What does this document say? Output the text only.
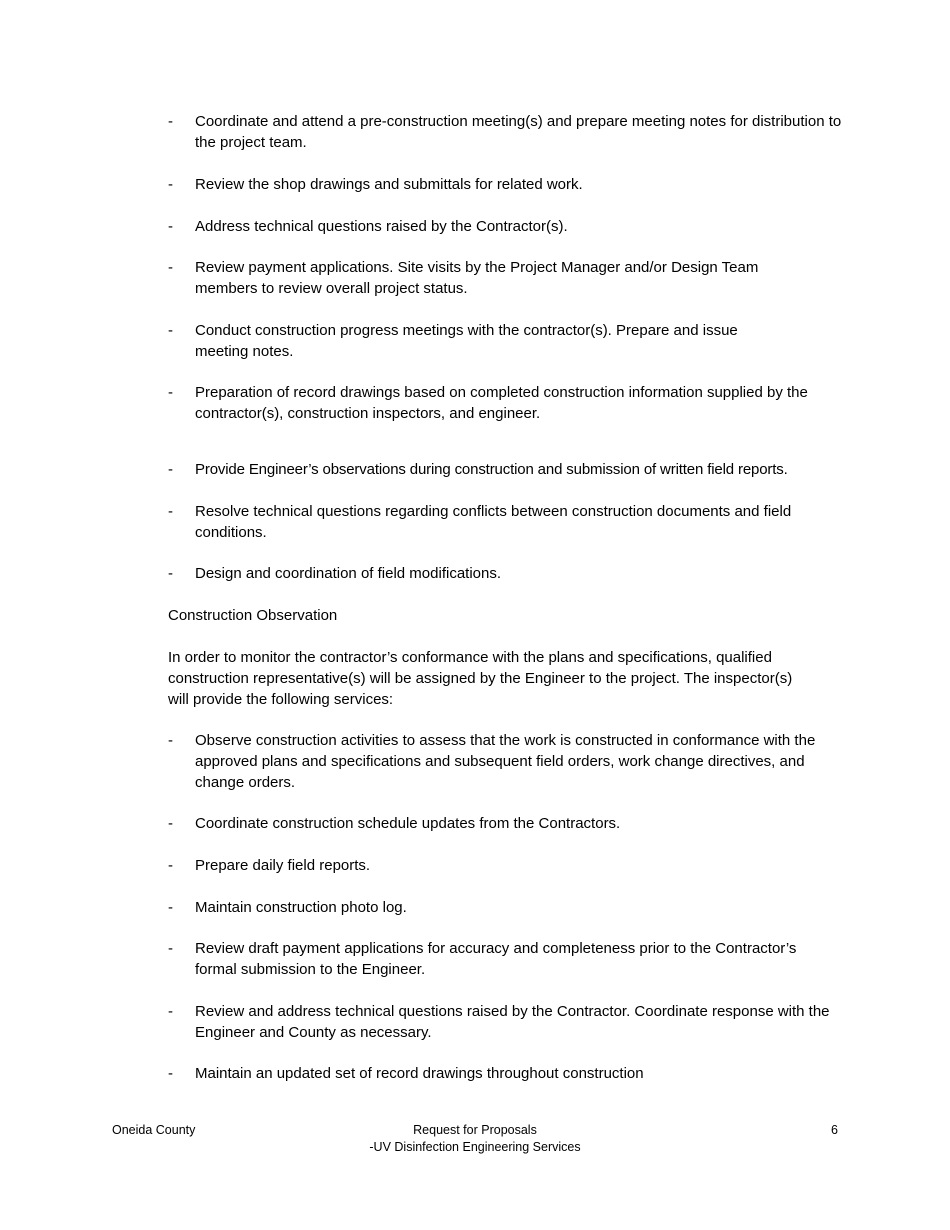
- Coordinate and attend a pre-construction meeting(s) and prepare meeting notes for distribution to the project team.
- Review the shop drawings and submittals for related work.
- Address technical questions raised by the Contractor(s).
- Review payment applications. Site visits by the Project Manager and/or Design Team members to review overall project status.
- Conduct construction progress meetings with the contractor(s). Prepare and issue meeting notes.
- Preparation of record drawings based on completed construction information supplied by the contractor(s), construction inspectors, and engineer.
- Provide Engineer’s observations during construction and submission of written field reports.
- Resolve technical questions regarding conflicts between construction documents and field conditions.
- Design and coordination of field modifications.
Construction Observation
In order to monitor the contractor’s conformance with the plans and specifications, qualified construction representative(s) will be assigned by the Engineer to the project. The inspector(s) will provide the following services:
- Observe construction activities to assess that the work is constructed in conformance with the approved plans and specifications and subsequent field orders, work change directives, and change orders.
- Coordinate construction schedule updates from the Contractors.
- Prepare daily field reports.
- Maintain construction photo log.
- Review draft payment applications for accuracy and completeness prior to the Contractor’s formal submission to the Engineer.
- Review and address technical questions raised by the Contractor. Coordinate response with the Engineer and County as necessary.
- Maintain an updated set of record drawings throughout construction
Oneida County	Request for Proposals
-UV Disinfection Engineering Services
6
